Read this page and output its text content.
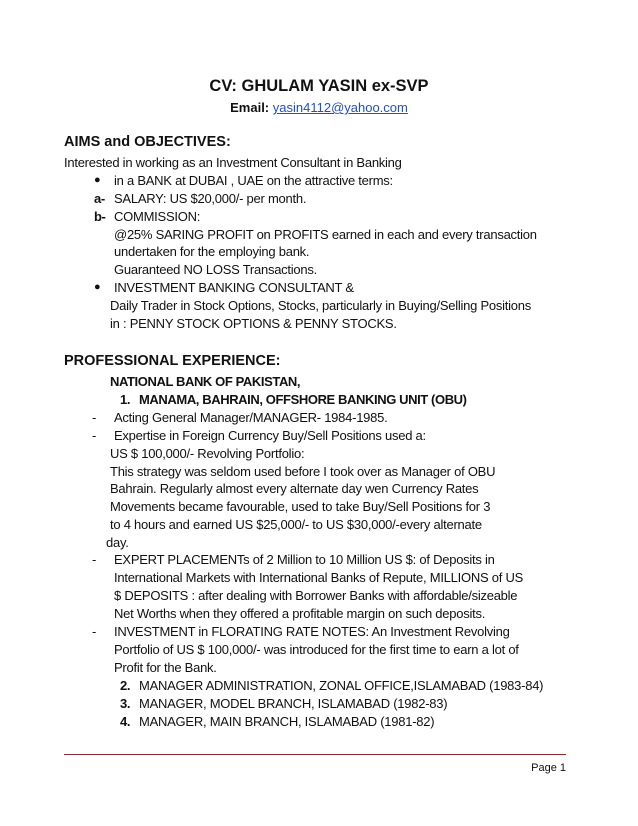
CV: GHULAM YASIN ex-SVP
Email: yasin4112@yahoo.com
AIMS and OBJECTIVES:
Interested in working as an Investment Consultant in Banking
● in a BANK at DUBAI , UAE on the attractive terms:
a- SALARY: US $20,000/- per month.
b- COMMISSION:
@25% SARING PROFIT on PROFITS earned in each and every transaction
undertaken for the employing bank.
Guaranteed NO LOSS Transactions.
● INVESTMENT BANKING CONSULTANT &
Daily Trader in Stock Options, Stocks, particularly in Buying/Selling Positions
in : PENNY STOCK OPTIONS & PENNY STOCKS.
PROFESSIONAL EXPERIENCE:
NATIONAL BANK OF PAKISTAN,
1. MANAMA, BAHRAIN, OFFSHORE BANKING UNIT (OBU)
- Acting General Manager/MANAGER- 1984-1985.
- Expertise in Foreign Currency Buy/Sell Positions used a:
US $ 100,000/- Revolving Portfolio:
This strategy was seldom used before I took over as Manager of OBU
Bahrain. Regularly almost every alternate day wen Currency Rates
Movements became favourable, used to take Buy/Sell Positions for 3
to 4 hours and earned US $25,000/- to US $30,000/-every alternate
day.
- EXPERT PLACEMENTs of 2 Million to 10 Million US $: of Deposits in
International Markets with International Banks of Repute, MILLIONS of US
$ DEPOSITS : after dealing with Borrower Banks with affordable/sizeable
Net Worths when they offered a profitable margin on such deposits.
- INVESTMENT in FLORATING RATE NOTES: An Investment Revolving
Portfolio of US $ 100,000/- was introduced for the first time to earn a lot of
Profit for the Bank.
2. MANAGER ADMINISTRATION, ZONAL OFFICE,ISLAMABAD (1983-84)
3. MANAGER, MODEL BRANCH, ISLAMABAD (1982-83)
4. MANAGER, MAIN BRANCH, ISLAMABAD (1981-82)
Page 1
